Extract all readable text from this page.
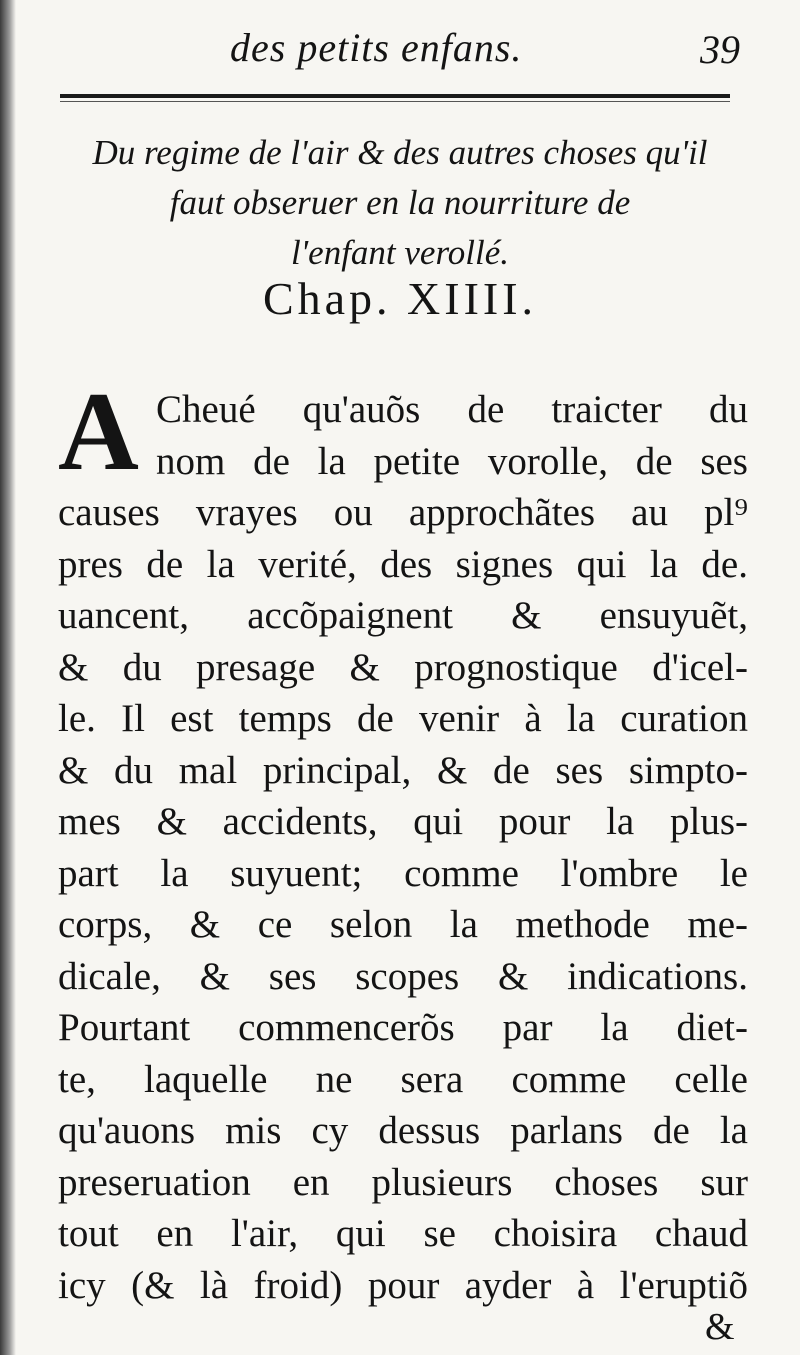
des petits enfans.	39
Du regime de l'air & des autres choses qu'il
faut obseruer en la nourriture de
l'enfant verollé.
Chap. XIIII.
A Cheué qu'auõs de traicter du
nom de la petite vorolle, de ses
causes vrayes ou approchãtes au pl⁹
pres de la verité, des signes qui la de.
uancent, accõpaignent & ensuyuẽt,
& du presage & prognostique d'icel-
le. Il est temps de venir à la curation
& du mal principal, & de ses simpto-
mes & accidents, qui pour la plus-
part la suyuent; comme l'ombre le
corps, & ce selon la methode me-
dicale, & ses scopes & indications.
Pourtant commencerõs par la diet-
te, laquelle ne sera comme celle
qu'auons mis cy dessus parlans de la
preseruation en plusieurs choses sur
tout en l'air, qui se choisira chaud
icy (& là froid) pour ayder à l'eruptiõ
&
